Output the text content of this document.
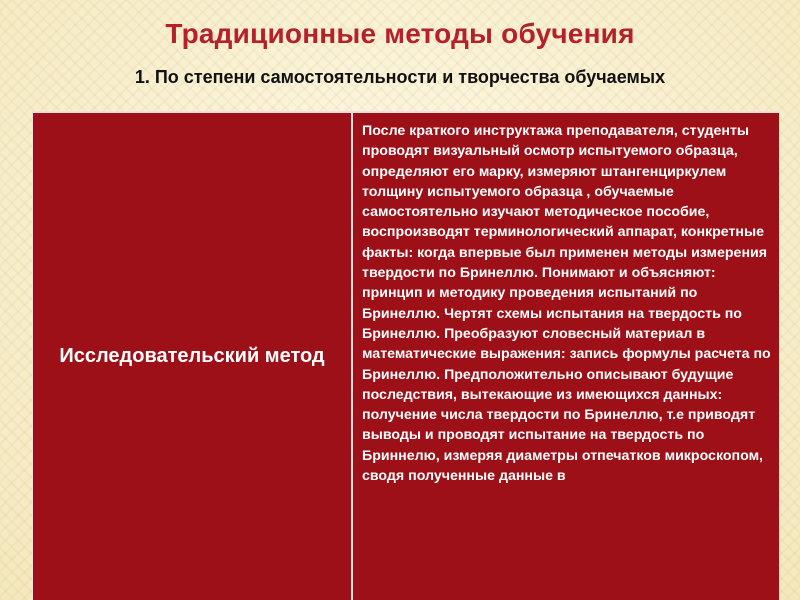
Традиционные методы обучения
1. По степени самостоятельности и творчества обучаемых
Исследовательский метод
После краткого инструктажа преподавателя, студенты проводят визуальный осмотр испытуемого образца, определяют его марку, измеряют штангенциркулем толщину испытуемого образца , обучаемые самостоятельно изучают методическое пособие, воспроизводят терминологический аппарат, конкретные факты: когда впервые был применен методы измерения твердости по Бринеллю. Понимают и объясняют: принцип и методику проведения испытаний по Бринеллю. Чертят схемы испытания на твердость по Бринеллю. Преобразуют словесный материал в математические выражения: запись формулы расчета по Бринеллю. Предположительно описывают будущие последствия, вытекающие из имеющихся данных: получение числа твердости по Бринеллю, т.е приводят выводы и проводят испытание на твердость по Бриннелю, измеряя диаметры отпечатков микроскопом, сводя полученные данные в
